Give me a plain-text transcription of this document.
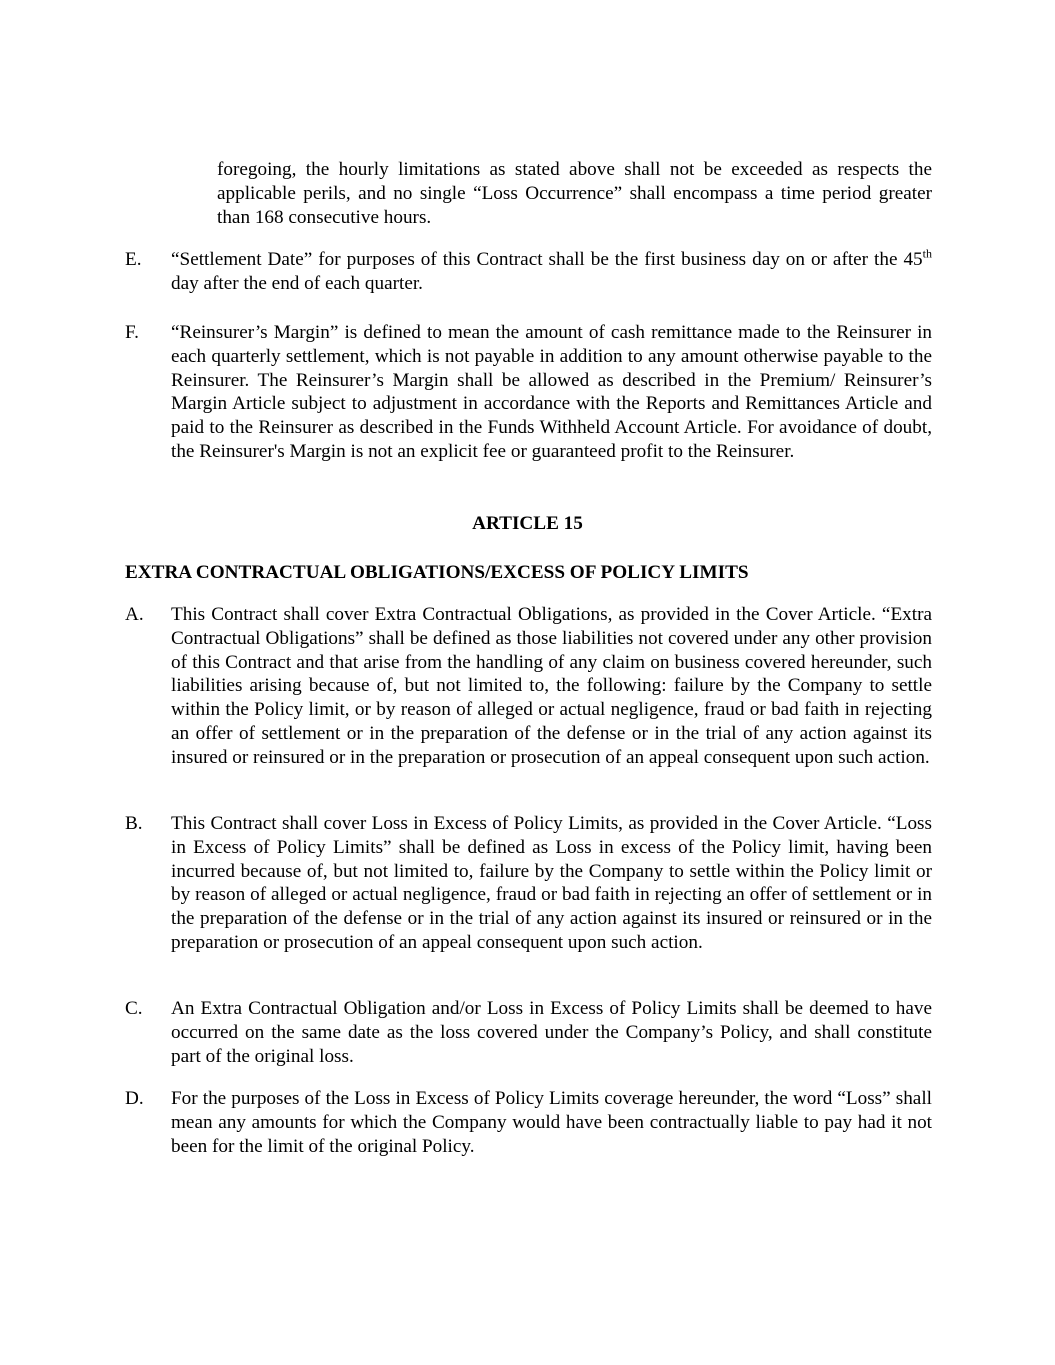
foregoing, the hourly limitations as stated above shall not be exceeded as respects the applicable perils, and no single “Loss Occurrence” shall encompass a time period greater than 168 consecutive hours.

E.	“Settlement Date” for purposes of this Contract shall be the first business day on or after the 45th day after the end of each quarter.

F.	“Reinsurer’s Margin” is defined to mean the amount of cash remittance made to the Reinsurer in each quarterly settlement, which is not payable in addition to any amount otherwise payable to the Reinsurer. The Reinsurer’s Margin shall be allowed as described in the Premium/ Reinsurer’s Margin Article subject to adjustment in accordance with the Reports and Remittances Article and paid to the Reinsurer as described in the Funds Withheld Account Article. For avoidance of doubt, the Reinsurer's Margin is not an explicit fee or guaranteed profit to the Reinsurer.

ARTICLE 15

EXTRA CONTRACTUAL OBLIGATIONS/EXCESS OF POLICY LIMITS

A.	This Contract shall cover Extra Contractual Obligations, as provided in the Cover Article. “Extra Contractual Obligations” shall be defined as those liabilities not covered under any other provision of this Contract and that arise from the handling of any claim on business covered hereunder, such liabilities arising because of, but not limited to, the following: failure by the Company to settle within the Policy limit, or by reason of alleged or actual negligence, fraud or bad faith in rejecting an offer of settlement or in the preparation of the defense or in the trial of any action against its insured or reinsured or in the preparation or prosecution of an appeal consequent upon such action.

B.	This Contract shall cover Loss in Excess of Policy Limits, as provided in the Cover Article. “Loss in Excess of Policy Limits” shall be defined as Loss in excess of the Policy limit, having been incurred because of, but not limited to, failure by the Company to settle within the Policy limit or by reason of alleged or actual negligence, fraud or bad faith in rejecting an offer of settlement or in the preparation of the defense or in the trial of any action against its insured or reinsured or in the preparation or prosecution of an appeal consequent upon such action.

C.	An Extra Contractual Obligation and/or Loss in Excess of Policy Limits shall be deemed to have occurred on the same date as the loss covered under the Company’s Policy, and shall constitute part of the original loss.

D.	For the purposes of the Loss in Excess of Policy Limits coverage hereunder, the word “Loss” shall mean any amounts for which the Company would have been contractually liable to pay had it not been for the limit of the original Policy.
